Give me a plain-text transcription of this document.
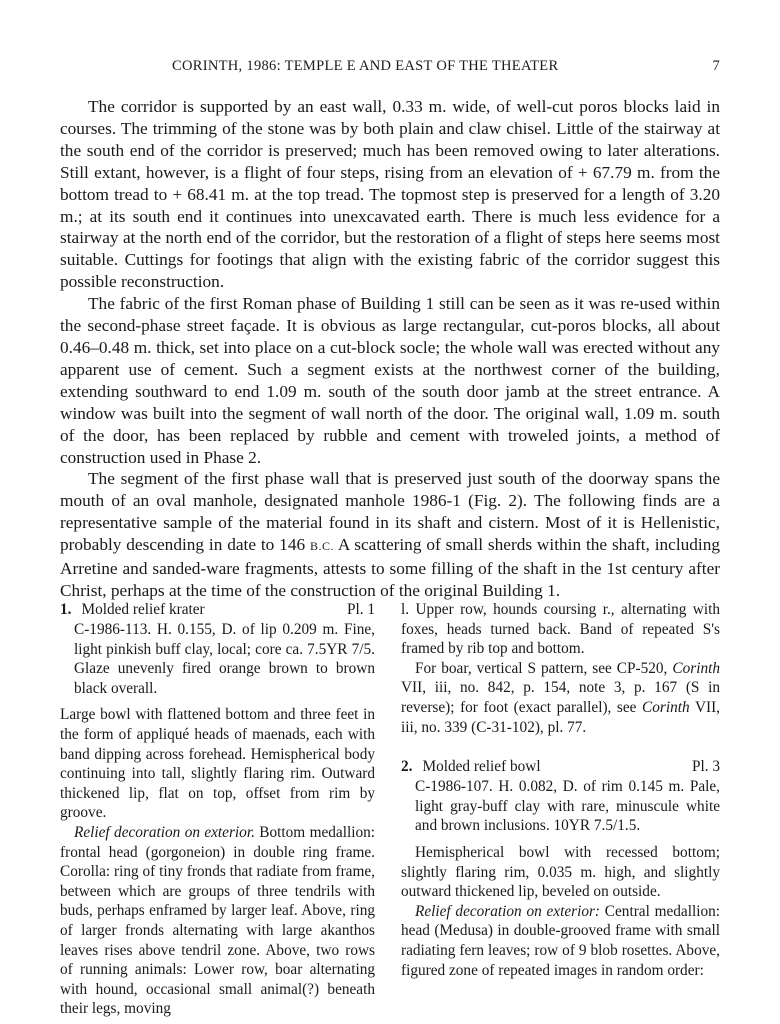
CORINTH, 1986: TEMPLE E AND EAST OF THE THEATER	7

The corridor is supported by an east wall, 0.33 m. wide, of well-cut poros blocks laid in courses. The trimming of the stone was by both plain and claw chisel. Little of the stairway at the south end of the corridor is preserved; much has been removed owing to later alterations. Still extant, however, is a flight of four steps, rising from an elevation of + 67.79 m. from the bottom tread to + 68.41 m. at the top tread. The topmost step is preserved for a length of 3.20 m.; at its south end it continues into unexcavated earth. There is much less evidence for a stairway at the north end of the corridor, but the restoration of a flight of steps here seems most suitable. Cuttings for footings that align with the existing fabric of the corridor suggest this possible reconstruction.

The fabric of the first Roman phase of Building 1 still can be seen as it was re-used within the second-phase street façade. It is obvious as large rectangular, cut-poros blocks, all about 0.46–0.48 m. thick, set into place on a cut-block socle; the whole wall was erected without any apparent use of cement. Such a segment exists at the northwest corner of the building, extending southward to end 1.09 m. south of the south door jamb at the street entrance. A window was built into the segment of wall north of the door. The original wall, 1.09 m. south of the door, has been replaced by rubble and cement with troweled joints, a method of construction used in Phase 2.

The segment of the first phase wall that is preserved just south of the doorway spans the mouth of an oval manhole, designated manhole 1986-1 (Fig. 2). The following finds are a representative sample of the material found in its shaft and cistern. Most of it is Hellenistic, probably descending in date to 146 B.C. A scattering of small sherds within the shaft, including Arretine and sanded-ware fragments, attests to some filling of the shaft in the 1st century after Christ, perhaps at the time of the construction of the original Building 1.

1. Molded relief krater	Pl. 1

C-1986-113. H. 0.155, D. of lip 0.209 m. Fine, light pinkish buff clay, local; core ca. 7.5YR 7/5. Glaze unevenly fired orange brown to brown black overall.

Large bowl with flattened bottom and three feet in the form of appliqué heads of maenads, each with band dipping across forehead. Hemispherical body continuing into tall, slightly flaring rim. Outward thickened lip, flat on top, offset from rim by groove.

Relief decoration on exterior. Bottom medallion: frontal head (gorgoneion) in double ring frame. Corolla: ring of tiny fronds that radiate from frame, between which are groups of three tendrils with buds, perhaps enframed by larger leaf. Above, ring of larger fronds alternating with large akanthos leaves rises above tendril zone. Above, two rows of running animals: Lower row, boar alternating with hound, occasional small animal(?) beneath their legs, moving

l. Upper row, hounds coursing r., alternating with foxes, heads turned back. Band of repeated S's framed by rib top and bottom.

For boar, vertical S pattern, see CP-520, Corinth VII, iii, no. 842, p. 154, note 3, p. 167 (S in reverse); for foot (exact parallel), see Corinth VII, iii, no. 339 (C-31-102), pl. 77.

2. Molded relief bowl	Pl. 3

C-1986-107. H. 0.082, D. of rim 0.145 m. Pale, light gray-buff clay with rare, minuscule white and brown inclusions. 10YR 7.5/1.5.

Hemispherical bowl with recessed bottom; slightly flaring rim, 0.035 m. high, and slightly outward thickened lip, beveled on outside.

Relief decoration on exterior: Central medallion: head (Medusa) in double-grooved frame with small radiating fern leaves; row of 9 blob rosettes. Above, figured zone of repeated images in random order:
